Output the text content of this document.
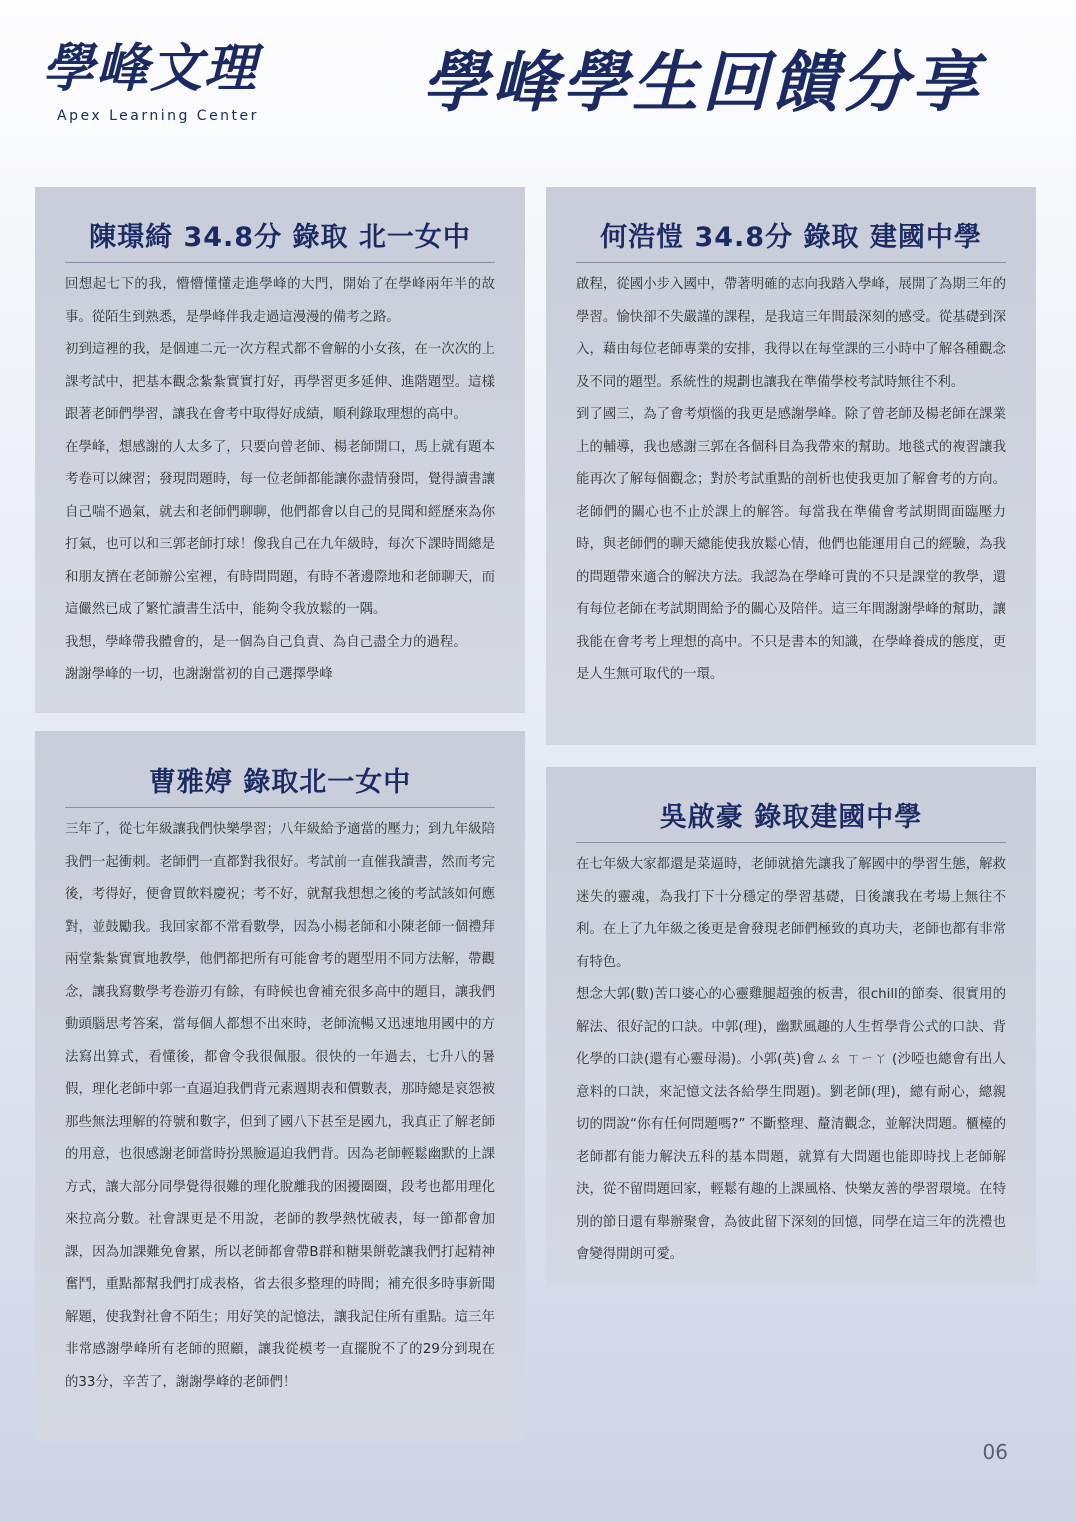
學峰文理

Apex Learning Center 學峰學生回饋分享
陳璟綺 34.8分 錄取 北一女中

回想起七下的我，懵懵懂懂走進學峰的大門，開始了在學峰兩年半的故事。從陌生到熟悉，是學峰伴我走過這漫漫的備考之路。

初到這裡的我，是個連二元一次方程式都不會解的小女孩，在一次次的上課考試中，把基本觀念紮紮實實打好，再學習更多延伸、進階題型。這樣跟著老師們學習，讓我在會考中取得好成績，順利錄取理想的高中。

在學峰，想感謝的人太多了，只要向曾老師、楊老師開口，馬上就有題本考卷可以練習；發現問題時，每一位老師都能讓你盡情發問，覺得讀書讓自己喘不過氣，就去和老師們聊聊，他們都會以自己的見聞和經歷來為你打氣，也可以和三郭老師打球！像我自己在九年級時，每次下課時間總是和朋友擠在老師辦公室裡，有時問問題，有時不著邊際地和老師聊天，而這儼然已成了繁忙讀書生活中，能夠令我放鬆的一隅。

我想，學峰帶我體會的，是一個為自己負責、為自己盡全力的過程。

謝謝學峰的一切，也謝謝當初的自己選擇學峰

何浩愷 34.8分 錄取 建國中學

啟程，從國小步入國中，帶著明確的志向我踏入學峰，展開了為期三年的學習。愉快卻不失嚴謹的課程，是我這三年間最深刻的感受。從基礎到深入，藉由每位老師專業的安排，我得以在每堂課的三小時中了解各種觀念及不同的題型。系統性的規劃也讓我在準備學校考試時無往不利。

到了國三，為了會考煩惱的我更是感謝學峰。除了曾老師及楊老師在課業上的輔導，我也感謝三郭在各個科目為我帶來的幫助。地毯式的複習讓我能再次了解每個觀念；對於考試重點的剖析也使我更加了解會考的方向。老師們的關心也不止於課上的解答。每當我在準備會考試期間面臨壓力時，與老師們的聊天總能使我放鬆心情，他們也能運用自己的經驗，為我的問題帶來適合的解決方法。我認為在學峰可貴的不只是課堂的教學，還有每位老師在考試期間給予的關心及陪伴。這三年間謝謝學峰的幫助，讓我能在會考考上理想的高中。不只是書本的知識，在學峰養成的態度，更是人生無可取代的一環。

曹雅婷 錄取北一女中

三年了，從七年級讓我們快樂學習；八年級給予適當的壓力；到九年級陪我們一起衝刺。老師們一直都對我很好。考試前一直催我讀書，然而考完後，考得好，便會買飲料慶祝；考不好，就幫我想想之後的考試該如何應對，並鼓勵我。我回家都不常看數學，因為小楊老師和小陳老師一個禮拜兩堂紮紮實實地教學，他們都把所有可能會考的題型用不同方法解，帶觀念，讓我寫數學考卷游刃有餘，有時候也會補充很多高中的題目，讓我們動頭腦思考答案，當每個人都想不出來時，老師流暢又迅速地用國中的方法寫出算式，看懂後，都會令我很佩服。很快的一年過去，七升八的暑假，理化老師中郭一直逼迫我們背元素週期表和價數表，那時總是哀怨被那些無法理解的符號和數字，但到了國八下甚至是國九，我真正了解老師的用意，也很感謝老師當時扮黑臉逼迫我們背。因為老師輕鬆幽默的上課方式，讓大部分同學覺得很難的理化脫離我的困擾圈圈，段考也都用理化來拉高分數。社會課更是不用說，老師的教學熱忱破表，每一節都會加課，因為加課難免會累，所以老師都會帶B群和糖果餅乾讓我們打起精神奮鬥，重點都幫我們打成表格，省去很多整理的時間；補充很多時事新聞解題，使我對社會不陌生；用好笑的記憶法，讓我記住所有重點。這三年非常感謝學峰所有老師的照顧，讓我從模考一直擺脫不了的29分到現在的33分，辛苦了，謝謝學峰的老師們！

吳啟豪 錄取建國中學

在七年級大家都還是菜逼時，老師就搶先讓我了解國中的學習生態，解救迷失的靈魂，為我打下十分穩定的學習基礎，日後讓我在考場上無往不利。在上了九年級之後更是會發現老師們極致的真功夫，老師也都有非常有特色。

想念大郭(數)苦口婆心的心靈雞腿超強的板書，很chill的節奏、很實用的解法、很好記的口訣。中郭(理)，幽默風趣的人生哲學背公式的口訣、背化學的口訣(還有心靈母湯)。小郭(英)會ㄙㄠ ㄒㄧㄚ (沙啞也總會有出人意料的口訣，來記憶文法各給學生問題)。劉老師(理)，總有耐心，總親切的問說“你有任何問題嗎?” 不斷整理、釐清觀念，並解決問題。櫃檯的老師都有能力解決五科的基本問題，就算有大問題也能即時找上老師解決，從不留問題回家，輕鬆有趣的上課風格、快樂友善的學習環境。在特別的節日還有舉辦聚會，為彼此留下深刻的回憶，同學在這三年的洗禮也會變得開朗可愛。

06
